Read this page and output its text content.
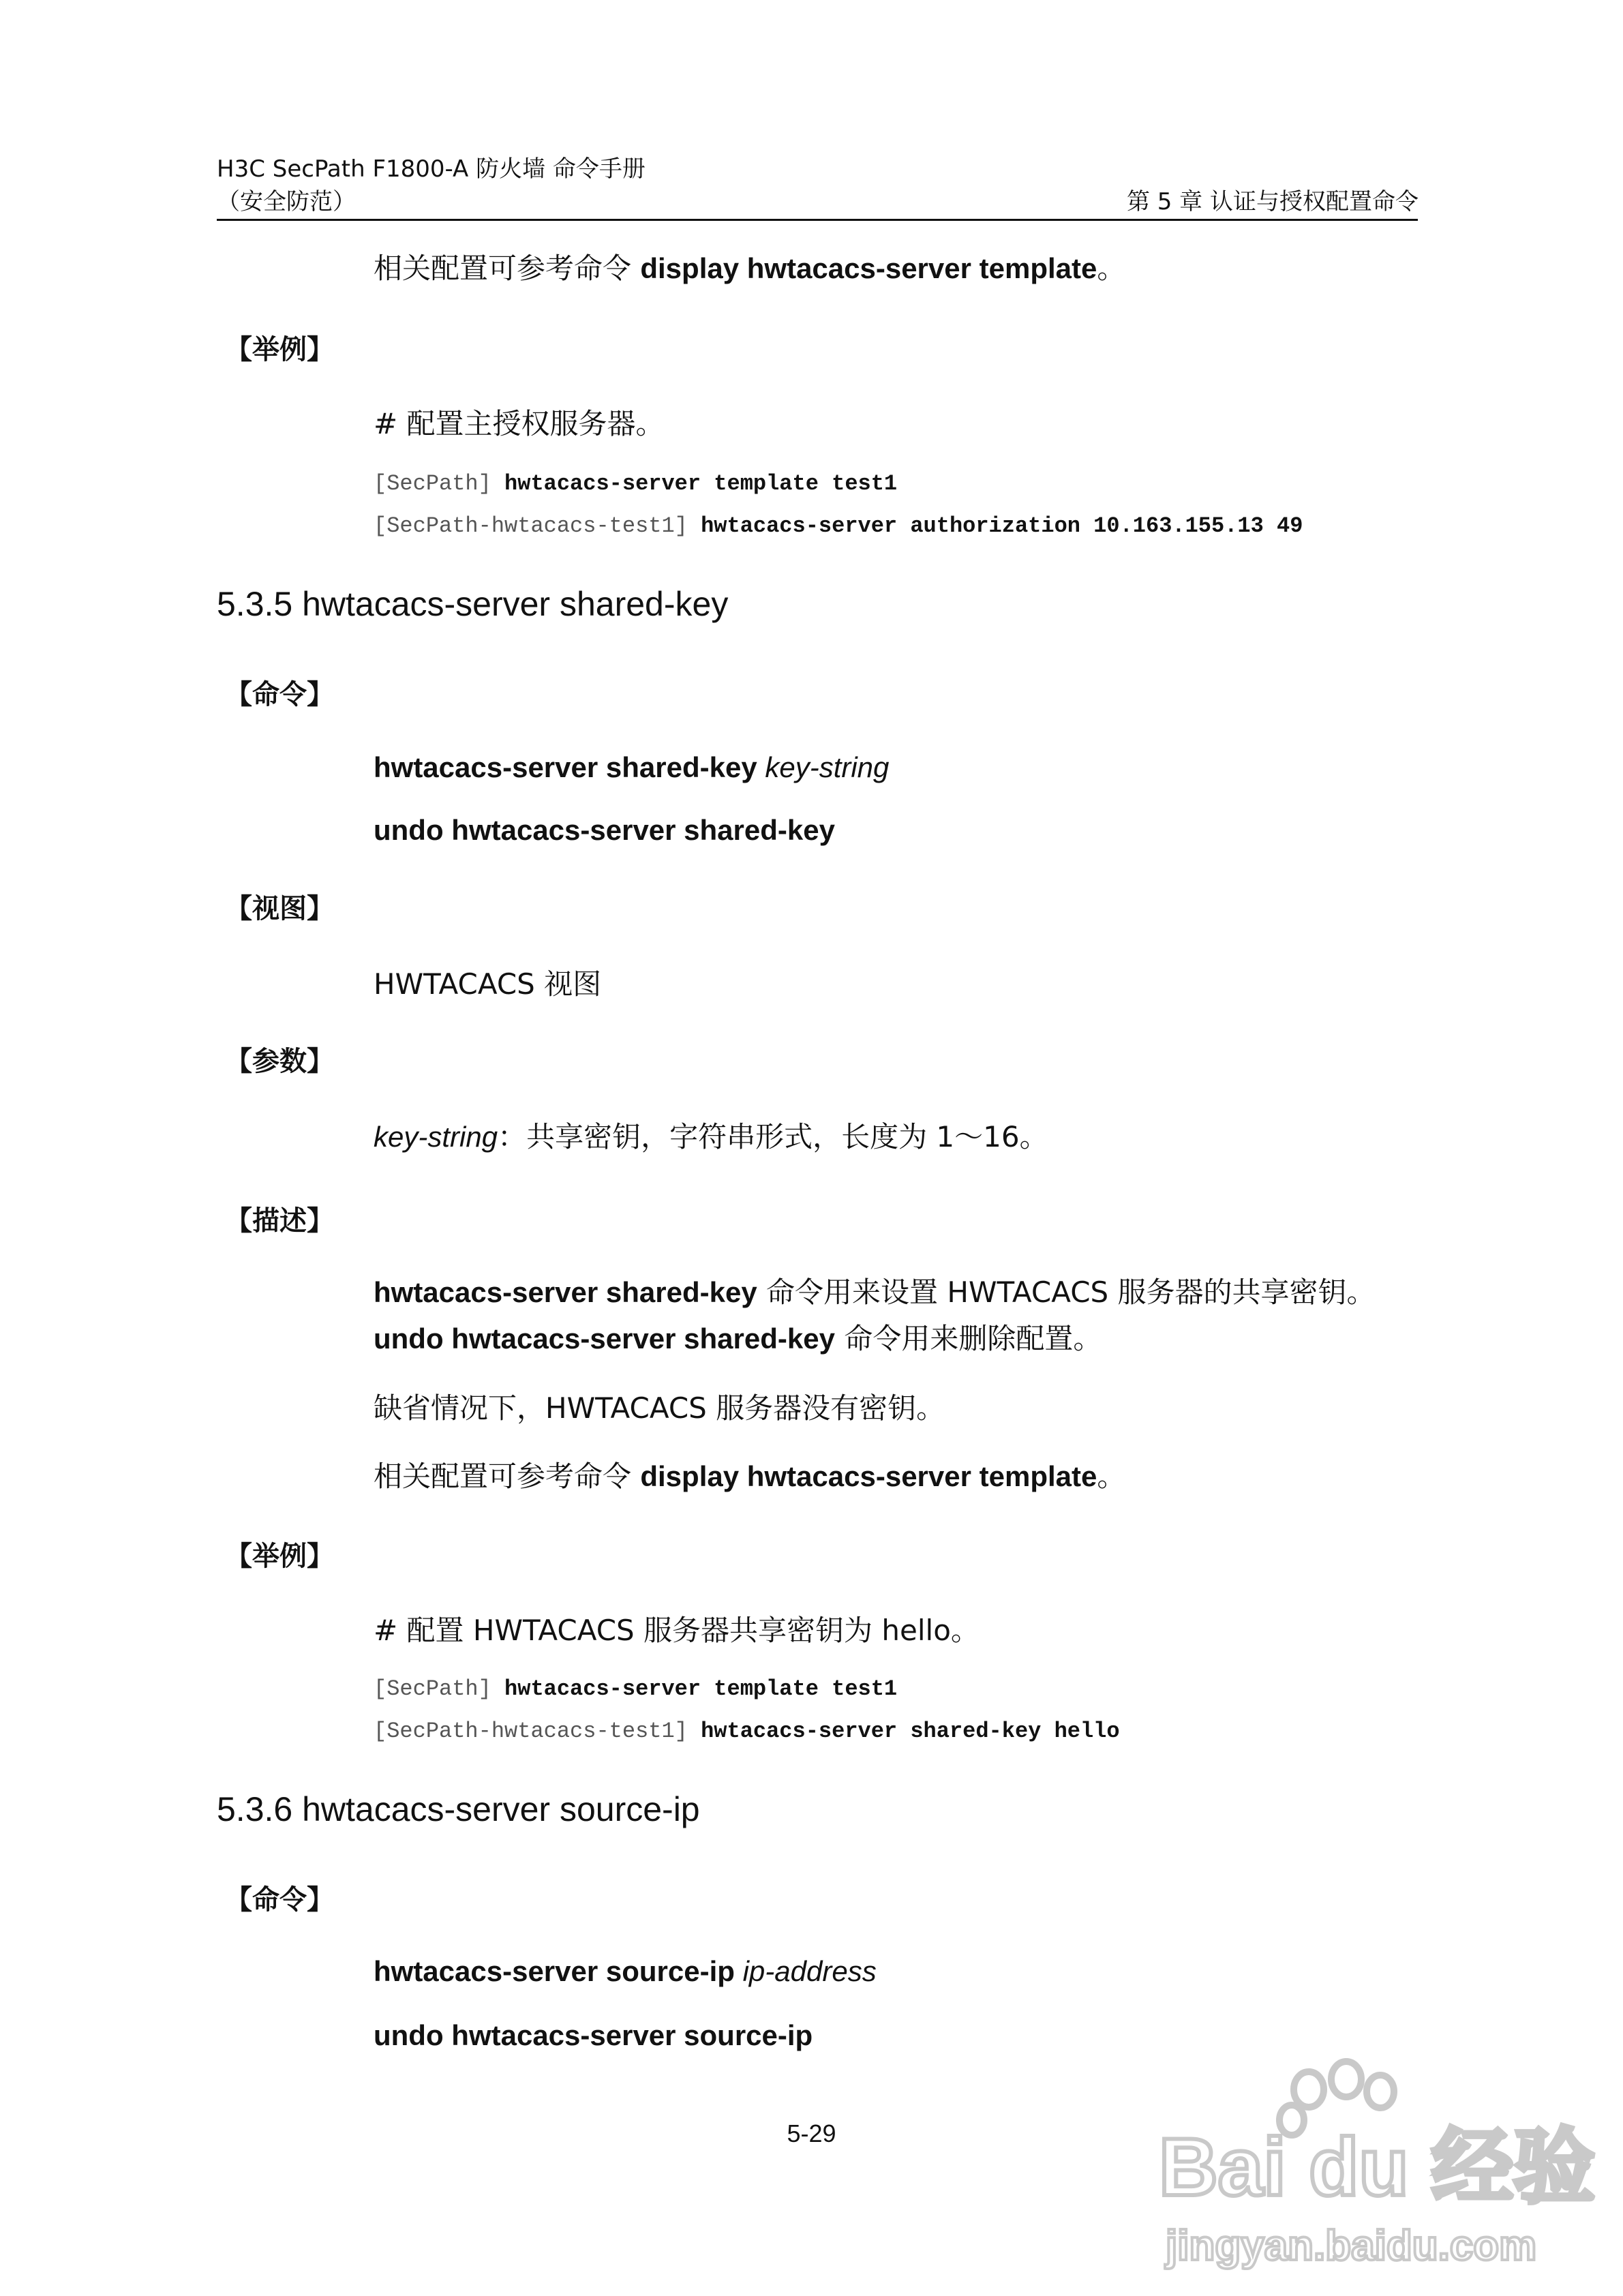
H3C SecPath F1800-A 防火墙 命令手册
（安全防范）	第 5 章 认证与授权配置命令
相关配置可参考命令 display hwtacacs-server template。
【举例】
# 配置主授权服务器。
[SecPath] hwtacacs-server template test1
[SecPath-hwtacacs-test1] hwtacacs-server authorization 10.163.155.13 49
5.3.5 hwtacacs-server shared-key
【命令】
hwtacacs-server shared-key key-string
undo hwtacacs-server shared-key
【视图】
HWTACACS 视图
【参数】
key-string：共享密钥，字符串形式，长度为 1～16。
【描述】
hwtacacs-server shared-key 命令用来设置 HWTACACS 服务器的共享密钥。
undo hwtacacs-server shared-key 命令用来删除配置。
缺省情况下，HWTACACS 服务器没有密钥。
相关配置可参考命令 display hwtacacs-server template。
【举例】
# 配置 HWTACACS 服务器共享密钥为 hello。
[SecPath] hwtacacs-server template test1
[SecPath-hwtacacs-test1] hwtacacs-server shared-key hello
5.3.6 hwtacacs-server source-ip
【命令】
hwtacacs-server source-ip ip-address
undo hwtacacs-server source-ip
5-29	Bai du 经验
jingyan.baidu.com
